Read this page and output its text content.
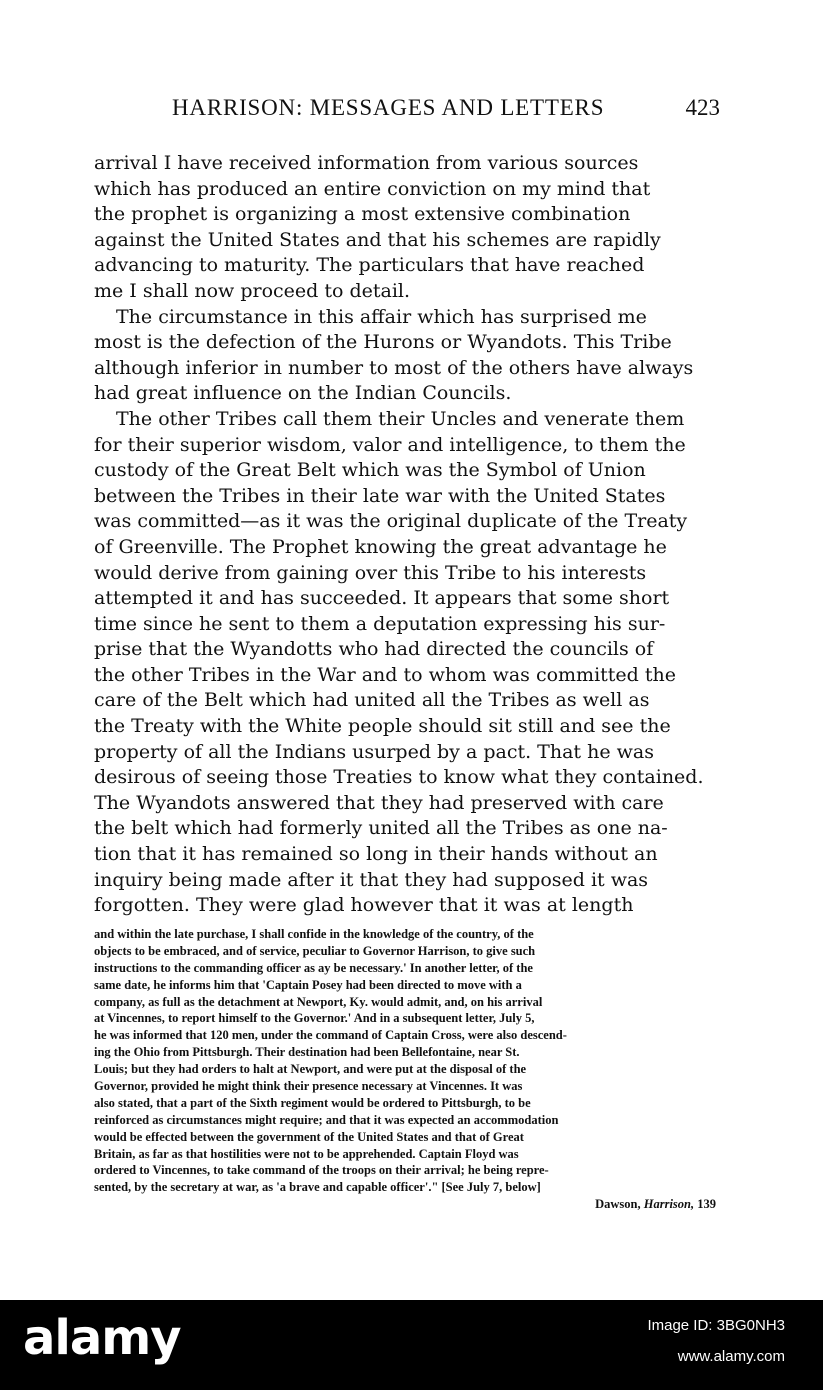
HARRISON: MESSAGES AND LETTERS	423
arrival I have received information from various sources
which has produced an entire conviction on my mind that
the prophet is organizing a most extensive combination
against the United States and that his schemes are rapidly
advancing to maturity. The particulars that have reached
me I shall now proceed to detail.
The circumstance in this affair which has surprised me
most is the defection of the Hurons or Wyandots. This Tribe
although inferior in number to most of the others have always
had great influence on the Indian Councils.
The other Tribes call them their Uncles and venerate them
for their superior wisdom, valor and intelligence, to them the
custody of the Great Belt which was the Symbol of Union
between the Tribes in their late war with the United States
was committed—as it was the original duplicate of the Treaty
of Greenville. The Prophet knowing the great advantage he
would derive from gaining over this Tribe to his interests
attempted it and has succeeded. It appears that some short
time since he sent to them a deputation expressing his sur-
prise that the Wyandotts who had directed the councils of
the other Tribes in the War and to whom was committed the
care of the Belt which had united all the Tribes as well as
the Treaty with the White people should sit still and see the
property of all the Indians usurped by a pact. That he was
desirous of seeing those Treaties to know what they contained.
The Wyandots answered that they had preserved with care
the belt which had formerly united all the Tribes as one na-
tion that it has remained so long in their hands without an
inquiry being made after it that they had supposed it was
forgotten. They were glad however that it was at length
and within the late purchase, I shall confide in the knowledge of the country, of the
objects to be embraced, and of service, peculiar to Governor Harrison, to give such
instructions to the commanding officer as ay be necessary.' In another letter, of the
same date, he informs him that 'Captain Posey had been directed to move with a
company, as full as the detachment at Newport, Ky. would admit, and, on his arrival
at Vincennes, to report himself to the Governor.' And in a subsequent letter, July 5,
he was informed that 120 men, under the command of Captain Cross, were also descend-
ing the Ohio from Pittsburgh. Their destination had been Bellefontaine, near St.
Louis; but they had orders to halt at Newport, and were put at the disposal of the
Governor, provided he might think their presence necessary at Vincennes. It was
also stated, that a part of the Sixth regiment would be ordered to Pittsburgh, to be
reinforced as circumstances might require; and that it was expected an accommodation
would be effected between the government of the United States and that of Great
Britain, as far as that hostilities were not to be apprehended. Captain Floyd was
ordered to Vincennes, to take command of the troops on their arrival; he being repre-
sented, by the secretary at war, as 'a brave and capable officer'." [See July 7, below]
Dawson, Harrison, 139
alamy	Image ID: 3BG0NH3
www.alamy.com
